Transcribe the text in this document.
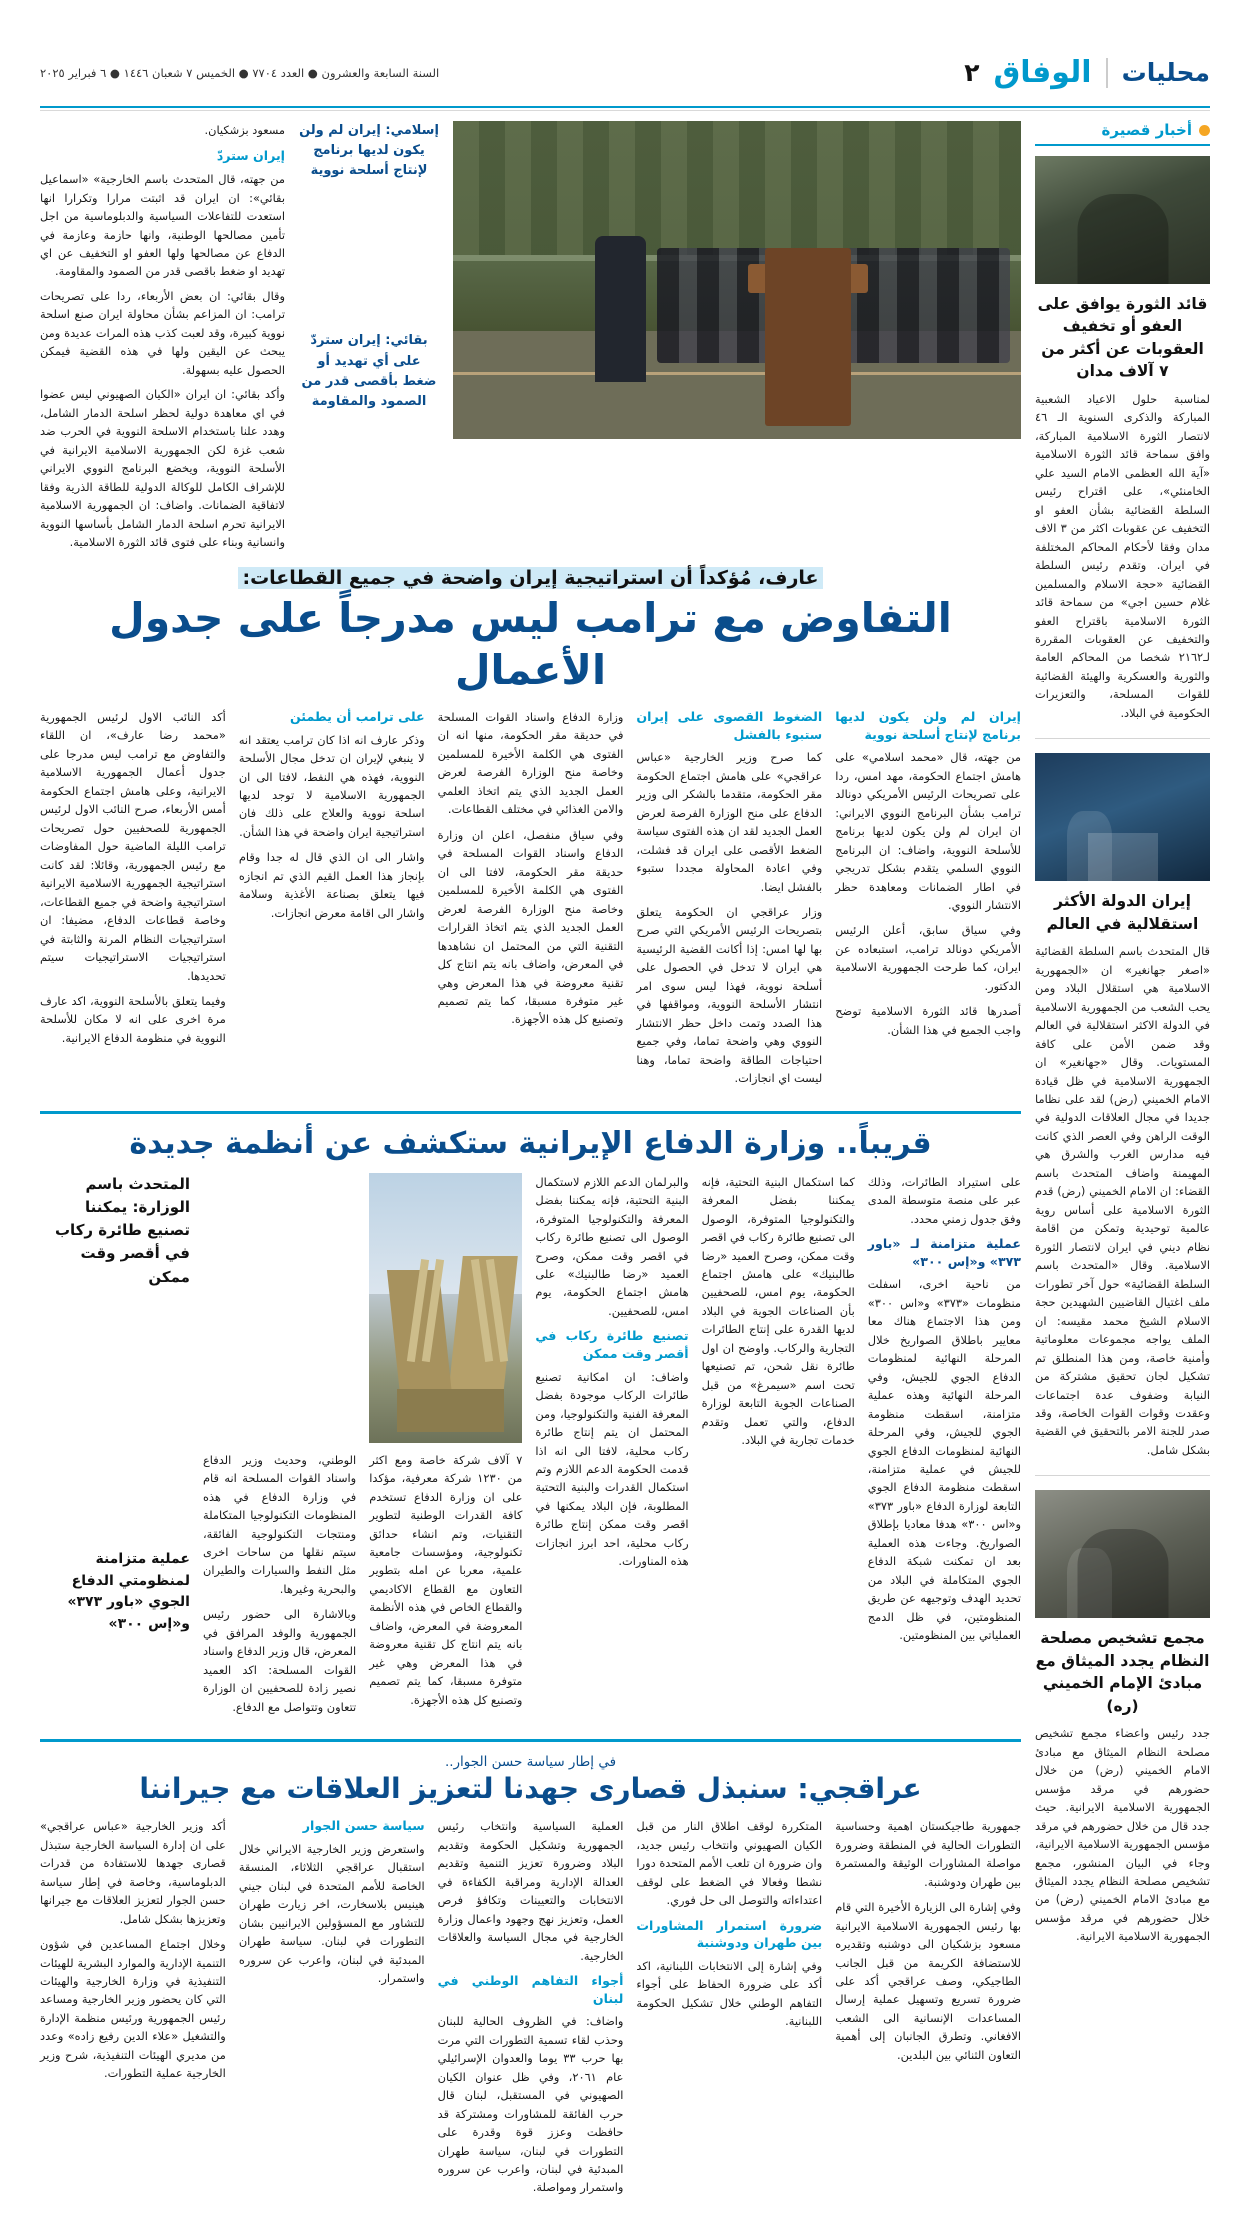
محليات
الوفاق
٢
السنة السابعة والعشرون ● العدد ٧٧٠٤ ● الخميس ٧ شعبان ١٤٤٦ ● ٦ فبراير ٢٠٢٥
أخبار قصيرة
قائد الثورة يوافق على العفو أو تخفيف العقوبات عن أكثر من ٧ آلاف مدان
لمناسبة حلول الاعياد الشعبية المباركة والذكرى السنوية الـ ٤٦ لانتصار الثورة الاسلامية المباركة، وافق سماحة قائد الثورة الاسلامية «آية الله العظمى الامام السيد علي الخامنئي»، على اقتراح رئيس السلطة القضائية بشأن العفو او التخفيف عن عقوبات اكثر من ٣ الاف مدان وفقا لأحكام المحاكم المختلفة في ايران. وتقدم رئيس السلطة القضائية «حجة الاسلام والمسلمين غلام حسين اجي» من سماحة قائد الثورة الاسلامية باقتراح العفو والتخفيف عن العقوبات المقررة لـ٢١٦٢ شخصا من المحاكم العامة والثورية والعسكرية والهيئة القضائية للقوات المسلحة، والتعزيرات الحكومية في البلاد.
إيران الدولة الأكثر استقلالية في العالم
قال المتحدث باسم السلطة القضائية «اصغر جهانغير» ان «الجمهورية الاسلامية هي استقلال البلاد ومن يحب الشعب من الجمهورية الاسلامية في الدولة الاكثر استقلالية في العالم وقد ضمن الأمن على كافة المستويات. وقال «جهانغير» ان الجمهورية الاسلامية في ظل قيادة الامام الخميني (رض) لقد على نظاما جديدا في مجال العلاقات الدولية في الوقت الراهن وفي العصر الذي كانت فيه مدارس الغرب والشرق هي المهيمنة واضاف المتحدث باسم القضاء: ان الامام الخميني (رض) قدم الثورة الاسلامية على أساس روية عالمية توحيدية وتمكن من اقامة نظام ديني في ايران لانتصار الثورة الاسلامية. وقال «المتحدث باسم السلطة القضائية» حول آخر تطورات ملف اغتيال القاضيين الشهيدين حجة الاسلام الشيخ محمد مقيسه: ان الملف يواجه مجموعات معلوماتية وأمنية خاصة، ومن هذا المنطلق تم تشكيل لجان تحقيق مشتركة من النيابة وضفوف عدة اجتماعات وعقدت وقوات القوات الخاصة، وقد صدر للجنة الامر بالتحقيق في القضية بشكل شامل.
مجمع تشخيص مصلحة النظام يجدد الميثاق مع مبادئ الإمام الخميني (ره)
جدد رئيس واعضاء مجمع تشخيص مصلحة النظام الميثاق مع مبادئ الامام الخميني (رض) من خلال حضورهم في مرقد مؤسس الجمهورية الاسلامية الايرانية. حيث جدد قال من خلال حضورهم في مرقد مؤسس الجمهورية الاسلامية الايرانية، وجاء في البيان المنشور، مجمع تشخيص مصلحة النظام يجدد الميثاق مع مبادئ الامام الخميني (رض) من خلال حضورهم في مرقد مؤسس الجمهورية الاسلامية الايرانية.
إسلامي: إيران لم ولن يكون لديها برنامج لإنتاج أسلحة نووية
بقائي: إيران ستردّ على أي تهديد أو ضغط بأقصى قدر من الصمود والمقاومة
مسعود بزشكيان.
إيران ستردّ
من جهته، قال المتحدث باسم الخارجية» «اسماعيل بقائي»: ان ايران قد اثبتت مرارا وتكرارا انها استعدت للتفاعلات السياسية والدبلوماسية من اجل تأمين مصالحها الوطنية، وانها حازمة وعازمة في الدفاع عن مصالحها ولها العفو او التخفيف عن اي تهديد او ضغط باقصى قدر من الصمود والمقاومة.
وقال بقائي: ان بعض الأربعاء، ردا على تصريحات ترامب: ان المزاعم بشأن محاولة ايران صنع اسلحة نووية كبيرة، وقد لعبت كذب هذه المرات عديدة ومن يبحث عن اليقين ولها في هذه القضية فيمكن الحصول عليه بسهولة.
وأكد بقائي: ان ايران «الكيان الصهيوني ليس عضوا في اي معاهدة دولية لحظر اسلحة الدمار الشامل، وهدد علنا باستخدام الاسلحة النووية في الحرب ضد شعب غزة لكن الجمهورية الاسلامية الايرانية في الأسلحة النووية، ويخضع البرنامج النووي الايراني للإشراف الكامل للوكالة الدولية للطاقة الذرية وفقا لاتفاقية الضمانات. واضاف: ان الجمهورية الاسلامية الايرانية تحرم اسلحة الدمار الشامل بأساسها النووية وانسانية وبناء على فتوى قائد الثورة الاسلامية.
عارف، مُؤكداً أن استراتيجية إيران واضحة في جميع القطاعات:
التفاوض مع ترامب ليس مدرجاً على جدول الأعمال
إيران لم ولن يكون لديها برنامج لإنتاج أسلحة نووية

من جهته، قال «محمد اسلامي» على هامش اجتماع الحكومة، مهد امس، ردا على تصريحات الرئيس الأمريكي دونالد ترامب بشأن البرنامج النووي الايراني: ان ايران لم ولن يكون لديها برنامج للأسلحة النووية، واضاف: ان البرنامج النووي السلمي يتقدم بشكل تدريجي في اطار الضمانات ومعاهدة حظر الانتشار النووي.

وفي سياق سابق، أعلن الرئيس الأمريكي دونالد ترامب، استبعاده عن ايران، كما طرحت الجمهورية الاسلامية الدكتور.

أصدرها قائد الثورة الاسلامية توضح واجب الجميع في هذا الشأن.

الضغوط القصوى على إيران ستبوء بالفشل

كما صرح وزير الخارجية «عباس عراقجي» على هامش اجتماع الحكومة مقر الحكومة، متقدما بالشكر الى وزير الدفاع على منح الوزارة الفرصة لعرض العمل الجديد لقد ان هذه الفتوى سياسة الضغط الأقصى على ايران قد فشلت، وفي اعادة المحاولة مجددا ستبوء بالفشل ايضا.

وزار عراقجي ان الحكومة يتعلق بتصريحات الرئيس الأمريكي التي صرح بها لها امس: إذا أكانت القضية الرئيسية هي ايران لا تدخل في الحصول على أسلحة نووية، فهذا ليس سوى امر انتشار الأسلحة النووية، ومواقفها في هذا الصدد وتمت داخل حظر الانتشار النووي وهي واضحة تماما، وفي جميع احتياجات الطاقة واضحة تماما، وهنا ليست اي انجازات.

وزارة الدفاع واسناد القوات المسلحة في حديقة مقر الحكومة، منها انه ان الفتوى هي الكلمة الأخيرة للمسلمين وخاصة منح الوزارة الفرصة لعرض العمل الجديد الذي يتم اتخاذ العلمي والامن الغذائي في مختلف القطاعات.

وفي سياق منفصل، اعلن ان وزارة الدفاع واسناد القوات المسلحة في حديقة مقر الحكومة، لافتا الى ان الفتوى هي الكلمة الأخيرة للمسلمين وخاصة منح الوزارة الفرصة لعرض العمل الجديد الذي يتم اتخاذ القرارات التقنية التي من المحتمل ان نشاهدها في المعرض، واضاف بانه يتم انتاج كل تقنية معروضة في هذا المعرض وهي غير متوفرة مسبقا، كما يتم تصميم وتصنيع كل هذه الأجهزة.

على ترامب أن يطمئن

وذكر عارف انه اذا كان ترامب يعتقد انه لا ينبغي لإيران ان تدخل مجال الأسلحة النووية، فهذه هي النفط، لافتا الى ان الجمهورية الاسلامية لا توجد لديها اسلحة نووية والعلاج على ذلك فان استراتيجية ايران واضحة في هذا الشأن.

واشار الى ان الذي قال له جدا وقام بإنجاز هذا العمل القيم الذي تم انجازه فيها يتعلق بصناعة الأغذية وسلامة واشار الى اقامة معرض انجازات.

أكد النائب الاول لرئيس الجمهورية «محمد رضا عارف»، ان اللقاء والتفاوض مع ترامب ليس مدرجا على جدول أعمال الجمهورية الاسلامية الايرانية، وعلى هامش اجتماع الحكومة أمس الأربعاء، صرح النائب الاول لرئيس الجمهورية للصحفيين حول تصريحات ترامب الليلة الماضية حول المفاوضات مع رئيس الجمهورية، وقائلا: لقد كانت استراتيجية الجمهورية الاسلامية الايرانية استراتيجية واضحة في جميع القطاعات، وخاصة قطاعات الدفاع، مضيفا: ان استراتيجيات النظام المرنة والثابتة في استراتيجيات الاستراتيجيات سيتم تحديدها.

وفيما يتعلق بالأسلحة النووية، اكد عارف مرة اخرى على انه لا مكان للأسلحة النووية في منظومة الدفاع الايرانية.

قريباً.. وزارة الدفاع الإيرانية ستكشف عن أنظمة جديدة

على استيراد الطائرات، وذلك عبر على منصة متوسطة المدى وفق جدول زمني محدد.

عملية متزامنة لـ «باور ٣٧٣» و«إس ٣٠٠»

من ناحية اخرى، اسفلت منظومات «٣٧٣» و«اس ٣٠٠» ومن هذا الاجتماع هناك معا معايير باطلاق الصواريخ خلال المرحلة النهائية لمنظومات الدفاع الجوي للجيش، وفي المرحلة النهائية وهذه عملية متزامنة، اسقطت منظومة الجوي للجيش، وفي المرحلة النهائية لمنظومات الدفاع الجوي للجيش في عملية متزامنة، اسقطت منظومة الدفاع الجوي التابعة لوزارة الدفاع «باور ٣٧٣» و«اس ٣٠٠» هدفا معاديا بإطلاق الصواريخ. وجاءت هذه العملية بعد ان تمكنت شبكة الدفاع الجوي المتكاملة في البلاد من تحديد الهدف وتوجيهه عن طريق المنظومتين، في ظل الدمج العملياتي بين المنظومتين.

كما استكمال البنية التحتية، فإنه يمكننا بفضل المعرفة والتكنولوجيا المتوفرة، الوصول الى تصنيع طائرة ركاب في اقصر وقت ممكن، وصرح العميد «رضا طالبنيك» على هامش اجتماع الحكومة، يوم امس، للصحفيين بأن الصناعات الجوية في البلاد لديها القدرة على إنتاج الطائرات التجارية والركاب. واوضح ان اول طائرة نقل شحن، تم تصنيعها تحت اسم «سيمرغ» من قبل الصناعات الجوية التابعة لوزارة الدفاع، والتي تعمل وتقدم خدمات تجارية في البلاد.

والبرلمان الدعم اللازم لاستكمال البنية التحتية، فإنه يمكننا بفضل المعرفة والتكنولوجيا المتوفرة، الوصول الى تصنيع طائرة ركاب في اقصر وقت ممكن، وصرح العميد «رضا طالبنيك» على هامش اجتماع الحكومة، يوم امس، للصحفيين.

تصنيع طائرة ركاب في أقصر وقت ممكن

واضاف: ان امكانية تصنيع طائرات الركاب موجودة بفضل المعرفة الفنية والتكنولوجيا، ومن المحتمل ان يتم إنتاج طائرة ركاب محلية، لافتا الى انه اذا قدمت الحكومة الدعم اللازم وتم استكمال القدرات والبنية التحتية المطلوبة، فإن البلاد يمكنها في اقصر وقت ممكن إنتاج طائرة ركاب محلية، احد ابرز انجازات هذه المناورات.

٧ آلاف شركة خاصة ومع اكثر من ١٢٣٠ شركة معرفية، مؤكدا على ان وزارة الدفاع تستخدم كافة القدرات الوطنية لتطوير التقنيات، وتم انشاء حدائق تكنولوجية، ومؤسسات جامعية علمية، معربا عن امله بتطوير التعاون مع القطاع الاكاديمي والقطاع الخاص في هذه الأنظمة المعروضة في المعرض، واضاف بانه يتم انتاج كل تقنية معروضة في هذا المعرض وهي غير متوفرة مسبقا، كما يتم تصميم وتصنيع كل هذه الأجهزة.

الوطني، وحديث وزير الدفاع واسناد القوات المسلحة انه قام في وزارة الدفاع في هذه المنظومات التكنولوجيا المتكاملة ومنتجات التكنولوجية الفائقة، سيتم نقلها من ساحات اخرى مثل النفط والسيارات والطيران والبحرية وغيرها.

وبالاشارة الى حضور رئيس الجمهورية والوفد المرافق في المعرض، قال وزير الدفاع واسناد القوات المسلحة: اكد العميد نصير زادة للصحفيين ان الوزارة تتعاون وتتواصل مع الدفاع.

المتحدث باسم الوزارة: يمكننا تصنيع طائرة ركاب في أقصر وقت ممكن
عملية متزامنة لمنظومتي الدفاع الجوي «باور ٣٧٣» و«إس ٣٠٠»
في إطار سياسة حسن الجوار..
عراقجي: سنبذل قصارى جهدنا لتعزيز العلاقات مع جيراننا

جمهورية طاجيكستان اهمية وحساسية التطورات الحالية في المنطقة وضرورة مواصلة المشاورات الوثيقة والمستمرة بين طهران ودوشنبة.

وفي إشارة الى الزيارة الأخيرة التي قام بها رئيس الجمهورية الاسلامية الايرانية مسعود بزشكيان الى دوشنبه وتقديره للاستضافة الكريمة من قبل الجانب الطاجيكي، وصف عراقجي أكد على ضرورة تسريع وتسهيل عملية إرسال المساعدات الإنسانية الى الشعب الافغاني. وتطرق الجانبان إلى أهمية التعاون الثنائي بين البلدين.

المتكررة لوقف اطلاق النار من قبل الكيان الصهيوني وانتخاب رئيس جديد، وان ضرورة ان تلعب الأمم المتحدة دورا نشطا وفعالا في الضغط على لوقف اعتداءاته والتوصل الى حل فوري.

ضرورة استمرار المشاورات بين طهران ودوشنبة

وفي إشارة إلى الانتخابات اللبنانية، اكد أكد على ضرورة الحفاظ على أجواء التفاهم الوطني خلال تشكيل الحكومة اللبنانية.

العملية السياسية وانتخاب رئيس الجمهورية وتشكيل الحكومة وتقديم البلاد وضرورة تعزيز التنمية وتقديم العدالة الإدارية ومراقبة الكفاءة في الانتخابات والتعيينات وتكافؤ فرص العمل، وتعزيز نهج وجهود واعمال وزارة الخارجية في مجال السياسة والعلاقات الخارجية.

أجواء التفاهم الوطني في لبنان

واضاف: في الظروف الحالية للبنان وحذب لقاء تسمية التطورات التي مرت بها حرب ٣٣ يوما والعدوان الإسرائيلي عام ٢٠٦١، وفي ظل عنوان الكيان الصهيوني في المستقبل، لبنان قال حرب الفائقة للمشاورات ومشتركة قد حافظت وعزز قوة وقدرة على التطورات في لبنان، سياسة طهران المبدئية في لبنان، واعرب عن سروره واستمرار ومواصلة.

سياسة حسن الجوار

واستعرض وزير الخارجية الايراني خلال استقبال عراقجي الثلاثاء، المنسقة الخاصة للأمم المتحدة في لبنان جيني هينيس بلاسخارت، اخر زيارت طهران للتشاور مع المسؤولين الايرانيين بشان التطورات في لبنان. سياسة طهران المبدئية في لبنان، واعرب عن سروره واستمرار.

أكد وزير الخارجية «عباس عراقجي» على ان إدارة السياسة الخارجية ستبذل قصارى جهدها للاستفادة من قدرات الدبلوماسية، وخاصة في إطار سياسة حسن الجوار لتعزيز العلاقات مع جيرانها وتعزيزها بشكل شامل.

وخلال اجتماع المساعدين في شؤون التنمية الإدارية والموارد البشرية للهيئات التنفيذية في وزارة الخارجية والهيئات التي كان يحضور وزير الخارجية ومساعد رئيس الجمهورية ورئيس منظمة الإدارة والتشغيل «علاء الدين رفيع زاده» وعدد من مديري الهيئات التنفيذية، شرح وزير الخارجية عملية التطورات.
